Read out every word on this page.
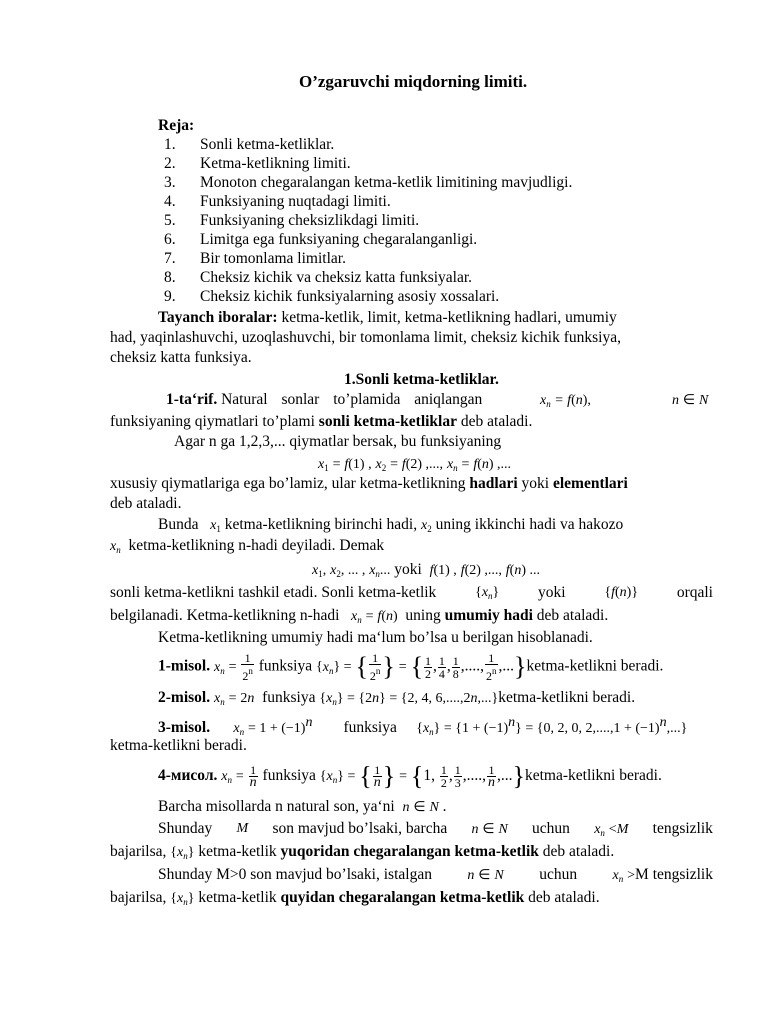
O’zgaruvchi miqdorning limiti.
Reja:
1. Sonli ketma-ketliklar.
2. Ketma-ketlikning limiti.
3. Monoton chegaralangan ketma-ketlik limitining mavjudligi.
4. Funksiyaning nuqtadagi limiti.
5. Funksiyaning cheksizlikdagi limiti.
6. Limitga ega funksiyaning chegaralanganligi.
7. Bir tomonlama limitlar.
8. Cheksiz kichik va cheksiz katta funksiyalar.
9. Cheksiz kichik funksiyalarning asosiy xossalari.
Tayanch iboralar: ketma-ketlik, limit, ketma-ketlikning hadlari, umumiy
had, yaqinlashuvchi, uzoqlashuvchi, bir tomonlama limit, cheksiz kichik funksiya,
cheksiz katta funksiya.
1.Sonli ketma-ketliklar.
1-ta‘rif. Natural sonlar to’plamida aniqlangan	$x_n = f(n)$,	n ∈ N
funksiyaning qiymatlari to’plami sonli ketma-ketliklar deb ataladi.
Agar n ga 1,2,3,... qiymatlar bersak, bu funksiyaning
$x_1 = f(1)$ , $x_2 = f(2)$ ,..., $x_n = f(n)$ ,...
xususiy qiymatlariga ega bo’lamiz, ular ketma-ketlikning hadlari yoki elementlari
deb ataladi.
Bunda $x_1$ ketma-ketlikning birinchi hadi, $x_2$ uning ikkinchi hadi va hakozo
$x_n$ ketma-ketlikning n-hadi deyiladi. Demak
$x_1$, $x_2$, ... , $x_n$... yoki f(1) , f(2) ,..., f(n) ...
sonli ketma-ketlikni tashkil etadi. Sonli ketma-ketlik	$\{x_n\}$	yoki	{f(n)}	orqali
belgilanadi. Ketma-ketlikning n-hadi $x_n = f(n)$ uning umumiy hadi deb ataladi.
Ketma-ketlikning umumiy hadi ma‘lum bo’lsa u berilgan hisoblanadi.
1-misol. $x_n = \frac{1}{2^n}$ funksiya $\{x_n\}$ = { $\frac{1}{2^n}$ } = { $\frac{1}{2}$ , $\frac{1}{4}$ , $\frac{1}{8}$ ,...., $\frac{1}{2^n}$ ,...}ketma-ketlikni beradi.
2-misol. $x_n = 2n$ funksiya $\{x_n\} = \{2n\} = \{2$, 4, 6,....,2n,...}ketma-ketlikni beradi.
3-misol. $x_n = 1 + (-1)^n$ funksiya $\{x_n\} = \{1 + (-1)^n\} = \{0$, 2, 0, $2,....,1 + (-1)^n$,...}
ketma-ketlikni beradi.
4-мисол. $x_n = \frac{1}{n}$ funksiya $\{x_n\}$ = { $\frac{1}{n}$ } = {1, $\frac{1}{2}$ , $\frac{1}{3}$ ,...., $\frac{1}{n}$ ,...}ketma-ketlikni beradi.
Barcha misollarda n natural son, ya‘ni n ∈ N .
Shunday M son mavjud bo’lsaki, barcha n ∈ N uchun $x_n <M$ tengsizlik
bajarilsa, $\{x_n\}$ ketma-ketlik yuqoridan chegaralangan ketma-ketlik deb ataladi.
Shunday M>0 son mavjud bo’lsaki, istalgan	n ∈ N uchun	$x_n >M$ tengsizlik
bajarilsa, $\{x_n\}$ ketma-ketlik quyidan chegaralangan ketma-ketlik deb ataladi.
